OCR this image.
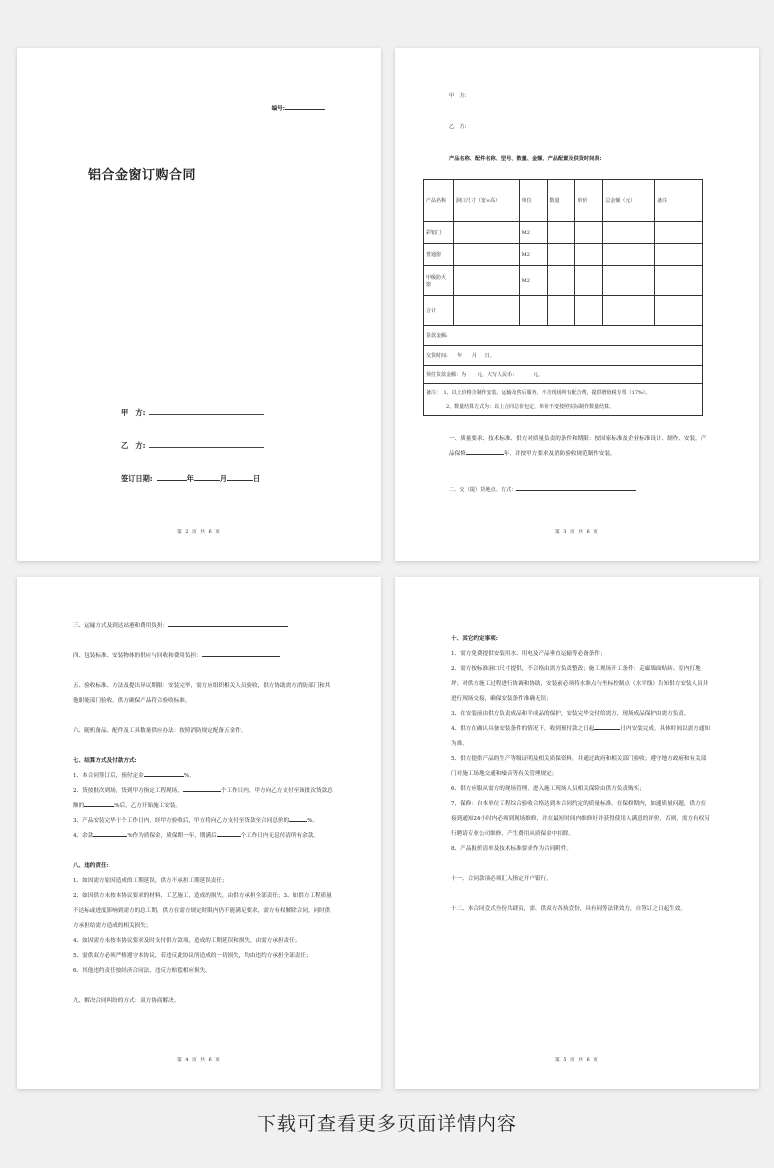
编号:
铝合金窗订购合同
甲　方:
乙　方:
签订日期:	年	月	日
第 2 页 共 6 页
甲　方:
乙　方:
产品名称、配件名称、型号、数量、金额、产品配置及供货时间表:
产品名称	洞口尺寸（宽×高）	单位	数量	单价	总金额（元）	备注
彩铝门		M2				
普通窗		M2				
甲级防火窗		M2				
合计						
货款金额:						
交货时间: 年 月 日。						
预付货款金额：为 元，大写人民币： 元。						

备注：　1、以上价格含制作安装、运输及售后服务，不含现场所有配合费，提供增值税专票（17%）。
2、数量结算方式为：以上合同总价包定，单价不变按照实际制作数量结算。						
一、质量要求、技术标准、供方对质量负责的条件和期限：按国家标准及企业标准设计、制作、安装。产品保修	年，并按甲方要求及消防验收规范制作安装。
二、交（提）货地点、方式：
第 3 页 共 6 页
三、运输方式及到达站港和费用负担：
四、包装标准、安装物体的供应与回收和费用负担：
五、验收标准、方法及提出异议期限：安装完毕，需方应组织相关人员验收，供方协助需方消防部门和其他职能部门验收，供方确保产品符合验收标准。
六、随机备品、配件及工具数量供应办法：按照消防规定配备五金件。
七、结算方式及付款方式:
1、本合同签订后，预付定金	%。
2、货按批次到场，货到甲方指定工程现场，	个工作日内，甲方向乙方支付至该批次货款总额的	%后，乙方开始施工安装。
3、产品安装完毕于个工作日内，经甲方验收后，甲方将向乙方支付至货款至合同总价的	%。
4、余款	%作为质保金，质保期一年，期满后	个工作日内无息付清所有余款。
八、违约责任:
1、如因需方原因造成的工期延误，供方不承担工期延误责任；
2、如因供方未按本协议要求的材料、工艺施工，造成的损失，由供方承担全部责任；3、如供方工程质量不达标或进度影响到需方的总工期，供方在需方规定时限内仍不能满足要求，需方有权解除合同，同时供方承担给需方造成的相关损失；
4、如因需方未按本协议要求及时支付供方款项，造成的工期延误和损失，由需方承担责任；
5、需供双方必须严格遵守本协议，若违反此协议所造成的一切损失，均由违约方承担全部责任；
6、其他违约责任按经济合同法，违反方赔偿相应损失。
九、解决合同纠纷的方式：双方协商解决。
第 4 页 共 6 页
十、其它约定事项:
1、需方免费提供安装用水、用电及产品垂直运输等必备条件；
2、需方按标准洞口尺寸提供，不合格由需方负责整改；施工现场开工条件：走廊墙面贴砖、室内打地坪；对供方施工过程进行协调和协助，安装前必须将水准点与坐标控制点（水平线）告知供方安装人员并进行现场交接，确保安装条件准确无误；
3、在安装前由供方负责成品和半成品的保护，安装完毕交付给需方，现场成品保护由需方负责。
4、供方在确认具备安装条件的情况下，收到预付款之日起	日内安装完成，具体时间以需方通知为准。
5、供方提供产品的生产等级证明及相关质保资料，并通过政府和相关部门验收；遵守地方政府和有关部门对施工场地交通和噪音等有关管理规定；
6、供方应服从需方的现场管理，进入施工现场人员相关保险由供方负责购买；
7、保修：自本单位工程综合验收合格达到本合同约定的质量标准，在保修期内，如通质量问题，供方在接到通知24小时内必须到现场维修，并在最短时间内维修好并获得使用人满意的评价，否则，需方有权另行聘请专业公司维修，产生费用从质保金中扣除。
8、产品报价清单及技术标准要求作为合同附件。
十一、合同款项必须汇入指定开户银行。
十二、本合同壹式叁份共肆页，需、供双方各执壹份，具有同等法律效力，自签订之日起生效。
第 5 页 共 6 页
下载可查看更多页面详情内容
